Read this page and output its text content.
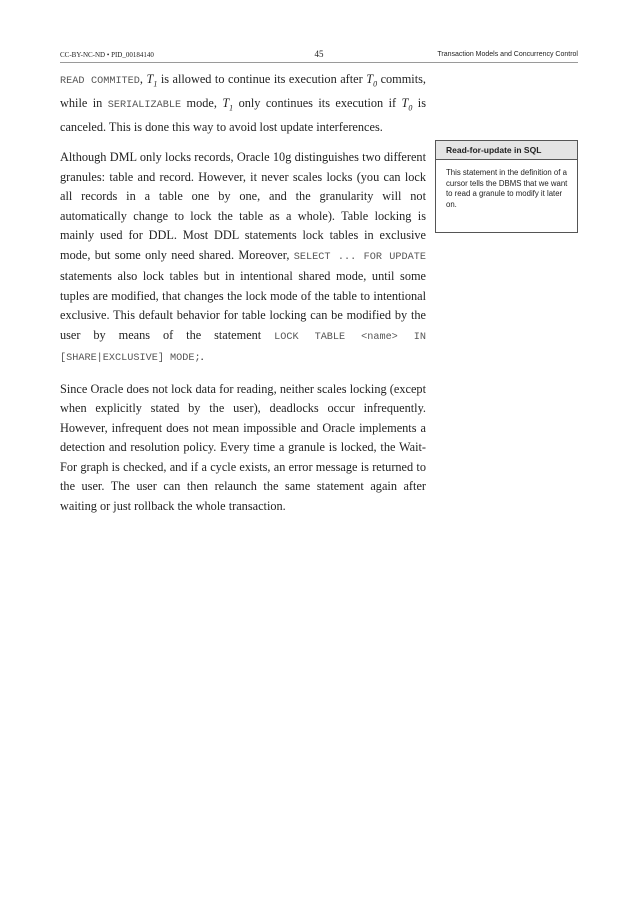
CC-BY-NC-ND • PID_00184140	45	Transaction Models and Concurrency Control

READ COMMITED, $T_1$ is allowed to continue its execution after $T_0$ commits, while in SERIALIZABLE mode, $T_1$ only continues its execution if $T_0$ is canceled. This is done this way to avoid lost update interferences.

Although DML only locks records, Oracle 10g distinguishes two different granules: table and record. However, it never scales locks (you can lock all records in a table one by one, and the granularity will not automatically change to lock the table as a whole). Table locking is mainly used for DDL. Most DDL statements lock tables in exclusive mode, but some only need shared. Moreover, SELECT ... FOR UPDATE statements also lock tables but in intentional shared mode, until some tuples are modified, that changes the lock mode of the table to intentional exclusive. This default behavior for table locking can be modified by the user by means of the statement LOCK TABLE <name> IN [SHARE|EXCLUSIVE] MODE;.

Since Oracle does not lock data for reading, neither scales locking (except when explicitly stated by the user), deadlocks occur infrequently. However, infrequent does not mean impossible and Oracle implements a detection and resolution policy. Every time a granule is locked, the Wait-For graph is checked, and if a cycle exists, an error message is returned to the user. The user can then relaunch the same statement again after waiting or just rollback the whole transaction.

Read-for-update in SQL
This statement in the definition of a cursor tells the DBMS that we want to read a granule to modify it later on.
